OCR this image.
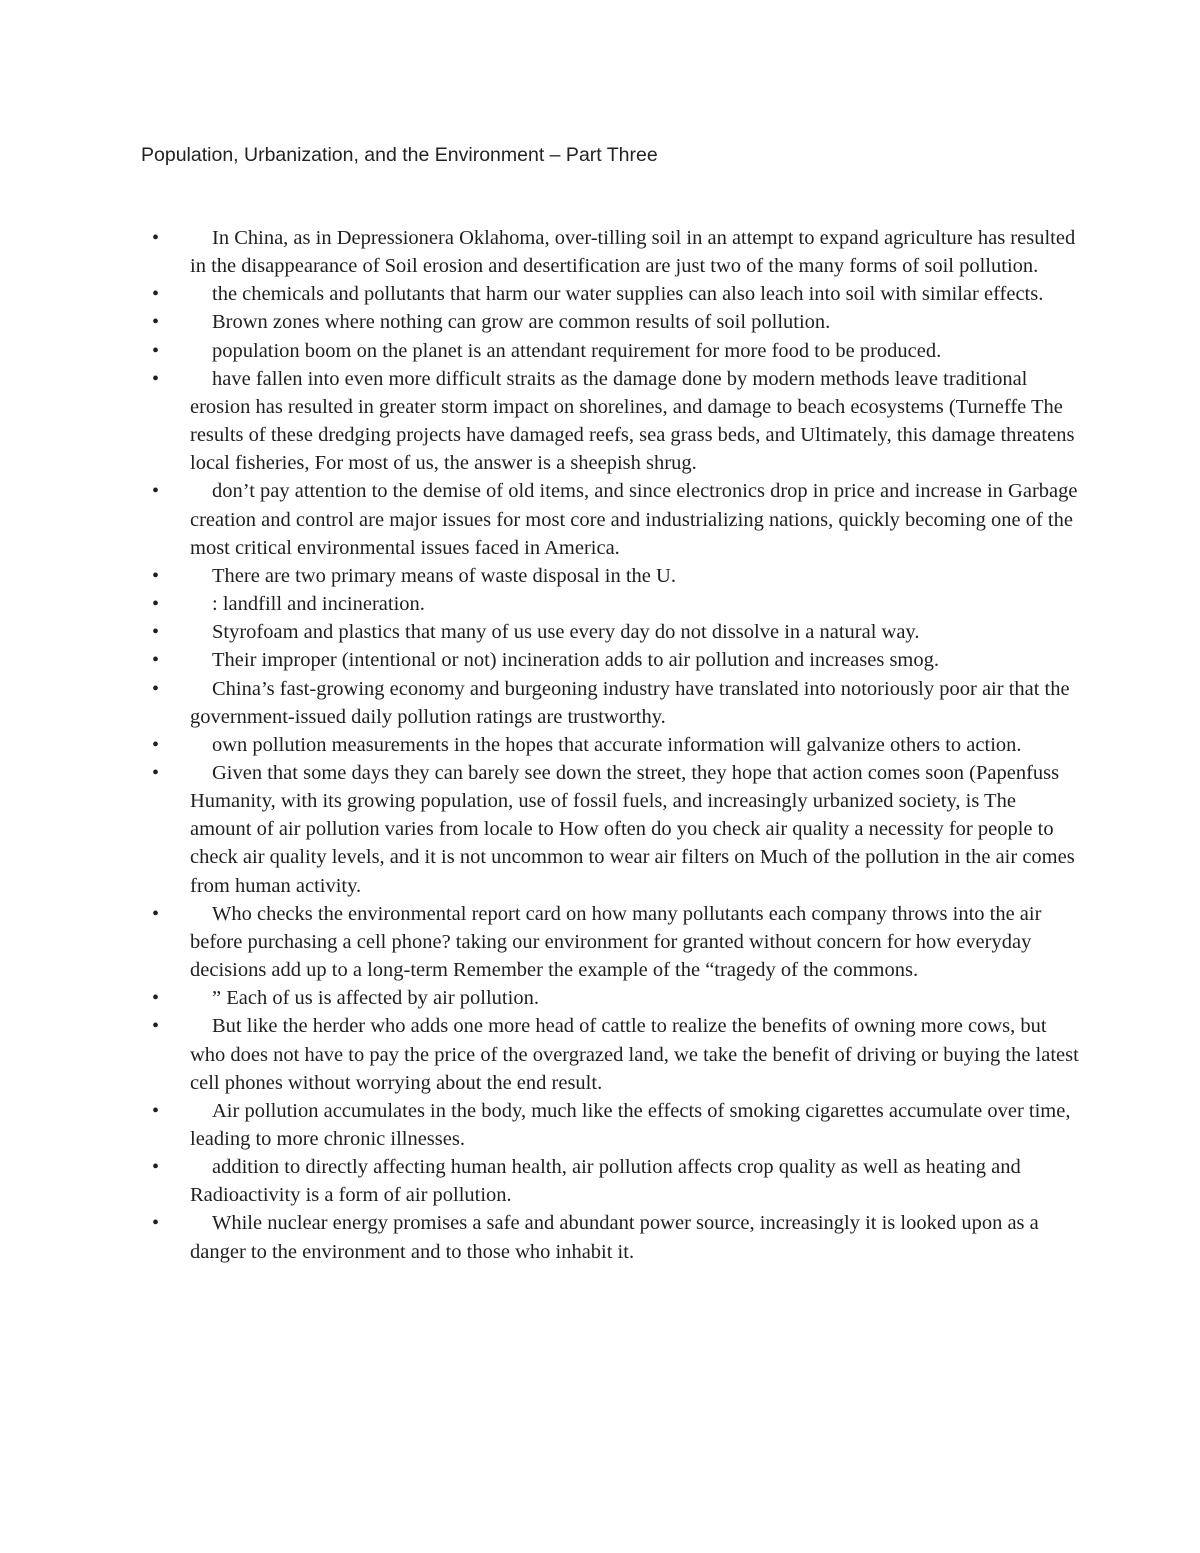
Population, Urbanization, and the Environment – Part Three
•	In China, as in Depressionera Oklahoma, over-tilling soil in an attempt to expand agriculture has resulted in the disappearance of Soil erosion and desertification are just two of the many forms of soil pollution.
•	the chemicals and pollutants that harm our water supplies can also leach into soil with similar effects.
•	Brown zones where nothing can grow are common results of soil pollution.
•	population boom on the planet is an attendant requirement for more food to be produced.
•	have fallen into even more difficult straits as the damage done by modern methods leave traditional erosion has resulted in greater storm impact on shorelines, and damage to beach ecosystems (Turneffe The results of these dredging projects have damaged reefs, sea grass beds, and Ultimately, this damage threatens local fisheries, For most of us, the answer is a sheepish shrug.
•	don’t pay attention to the demise of old items, and since electronics drop in price and increase in Garbage creation and control are major issues for most core and industrializing nations, quickly becoming one of the most critical environmental issues faced in America.
•	There are two primary means of waste disposal in the U.
•	: landfill and incineration.
•	Styrofoam and plastics that many of us use every day do not dissolve in a natural way.
•	Their improper (intentional or not) incineration adds to air pollution and increases smog.
•	China’s fast-growing economy and burgeoning industry have translated into notoriously poor air that the government-issued daily pollution ratings are trustworthy.
•	own pollution measurements in the hopes that accurate information will galvanize others to action.
•	Given that some days they can barely see down the street, they hope that action comes soon (Papenfuss Humanity, with its growing population, use of fossil fuels, and increasingly urbanized society, is The amount of air pollution varies from locale to How often do you check air quality a necessity for people to check air quality levels, and it is not uncommon to wear air filters on Much of the pollution in the air comes from human activity.
•	Who checks the environmental report card on how many pollutants each company throws into the air before purchasing a cell phone? taking our environment for granted without concern for how everyday decisions add up to a long-term Remember the example of the “tragedy of the commons.
•	” Each of us is affected by air pollution.
•	But like the herder who adds one more head of cattle to realize the benefits of owning more cows, but who does not have to pay the price of the overgrazed land, we take the benefit of driving or buying the latest cell phones without worrying about the end result.
•	Air pollution accumulates in the body, much like the effects of smoking cigarettes accumulate over time, leading to more chronic illnesses.
•	addition to directly affecting human health, air pollution affects crop quality as well as heating and Radioactivity is a form of air pollution.
•	While nuclear energy promises a safe and abundant power source, increasingly it is looked upon as a danger to the environment and to those who inhabit it.
